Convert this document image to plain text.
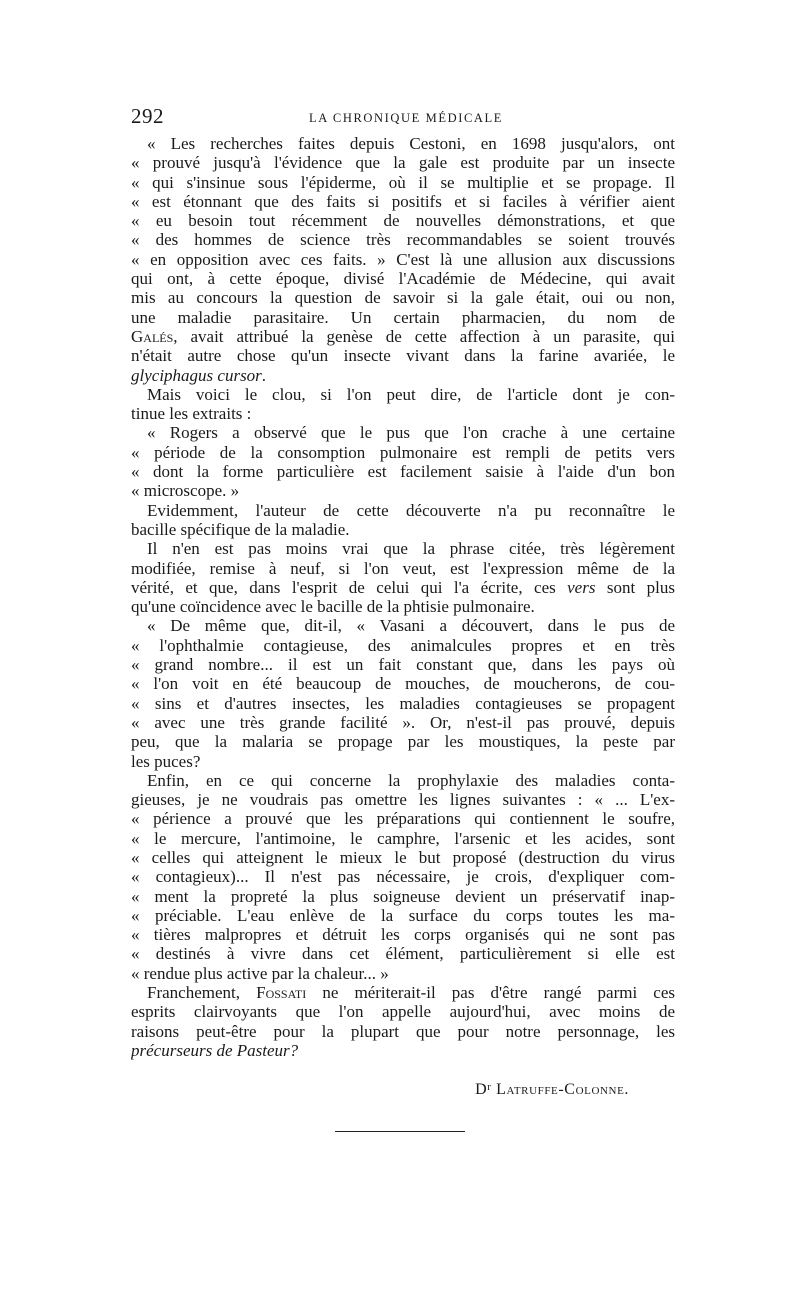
292	LA CHRONIQUE MÉDICALE
« Les recherches faites depuis Cestoni, en 1698 jusqu'alors, ont
« prouvé jusqu'à l'évidence que la gale est produite par un insecte
« qui s'insinue sous l'épiderme, où il se multiplie et se propage. Il
« est étonnant que des faits si positifs et si faciles à vérifier aient
« eu besoin tout récemment de nouvelles démonstrations, et que
« des hommes de science très recommandables se soient trouvés
« en opposition avec ces faits. » C'est là une allusion aux discussions
qui ont, à cette époque, divisé l'Académie de Médecine, qui avait
mis au concours la question de savoir si la gale était, oui ou non,
une maladie parasitaire. Un certain pharmacien, du nom de
Galés, avait attribué la genèse de cette affection à un parasite, qui
n'était autre chose qu'un insecte vivant dans la farine avariée, le
glyciphagus cursor.
Mais voici le clou, si l'on peut dire, de l'article dont je con-
tinue les extraits :
« Rogers a observé que le pus que l'on crache à une certaine
« période de la consomption pulmonaire est rempli de petits vers
« dont la forme particulière est facilement saisie à l'aide d'un bon
« microscope. »
Evidemment, l'auteur de cette découverte n'a pu reconnaître le
bacille spécifique de la maladie.
Il n'en est pas moins vrai que la phrase citée, très légèrement
modifiée, remise à neuf, si l'on veut, est l'expression même de la
vérité, et que, dans l'esprit de celui qui l'a écrite, ces vers sont plus
qu'une coïncidence avec le bacille de la phtisie pulmonaire.
« De même que, dit-il, « Vasani a découvert, dans le pus de
« l'ophthalmie contagieuse, des animalcules propres et en très
« grand nombre... il est un fait constant que, dans les pays où
« l'on voit en été beaucoup de mouches, de moucherons, de cou-
« sins et d'autres insectes, les maladies contagieuses se propagent
« avec une très grande facilité ». Or, n'est-il pas prouvé, depuis
peu, que la malaria se propage par les moustiques, la peste par
les puces?
Enfin, en ce qui concerne la prophylaxie des maladies conta-
gieuses, je ne voudrais pas omettre les lignes suivantes : « ... L'ex-
« périence a prouvé que les préparations qui contiennent le soufre,
« le mercure, l'antimoine, le camphre, l'arsenic et les acides, sont
« celles qui atteignent le mieux le but proposé (destruction du virus
« contagieux)... Il n'est pas nécessaire, je crois, d'expliquer com-
« ment la propreté la plus soigneuse devient un préservatif inap-
« préciable. L'eau enlève de la surface du corps toutes les ma-
« tières malpropres et détruit les corps organisés qui ne sont pas
« destinés à vivre dans cet élément, particulièrement si elle est
« rendue plus active par la chaleur... »
Franchement, Fossati ne mériterait-il pas d'être rangé parmi ces
esprits clairvoyants que l'on appelle aujourd'hui, avec moins de
raisons peut-être pour la plupart que pour notre personnage, les
précurseurs de Pasteur?
$D^r$ Latruffe-Colonne.
